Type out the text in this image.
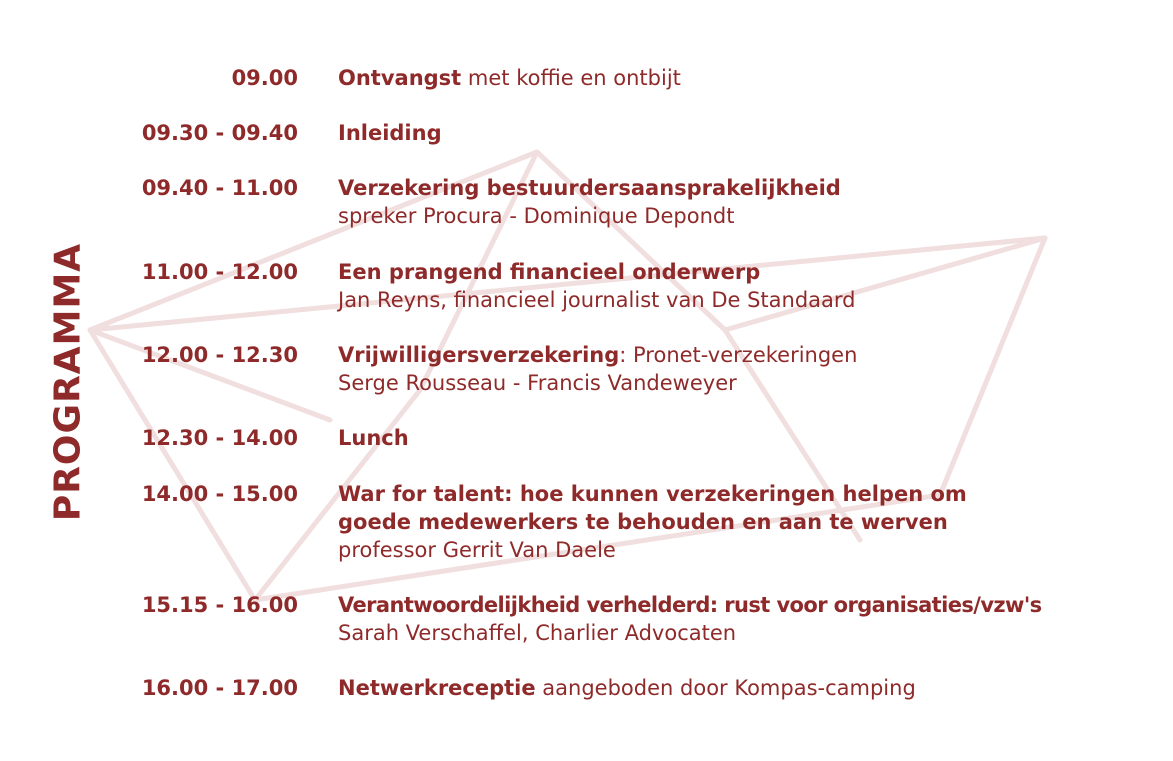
PROGRAMMA
09.00 Ontvangst met koffie en ontbijt
09.30 - 09.40 Inleiding
09.40 - 11.00 Verzekering bestuurdersaansprakelijkheid
spreker Procura - Dominique Depondt
11.00 - 12.00 Een prangend financieel onderwerp
Jan Reyns, financieel journalist van De Standaard
12.00 - 12.30 Vrijwilligersverzekering: Pronet-verzekeringen
Serge Rousseau - Francis Vandeweyer
12.30 - 14.00 Lunch
14.00 - 15.00 War for talent: hoe kunnen verzekeringen helpen om
goede medewerkers te behouden en aan te werven
professor Gerrit Van Daele
15.15 - 16.00 Verantwoordelijkheid verhelderd: rust voor organisaties/vzw's
Sarah Verschaffel, Charlier Advocaten
16.00 - 17.00 Netwerkreceptie aangeboden door Kompas-camping
